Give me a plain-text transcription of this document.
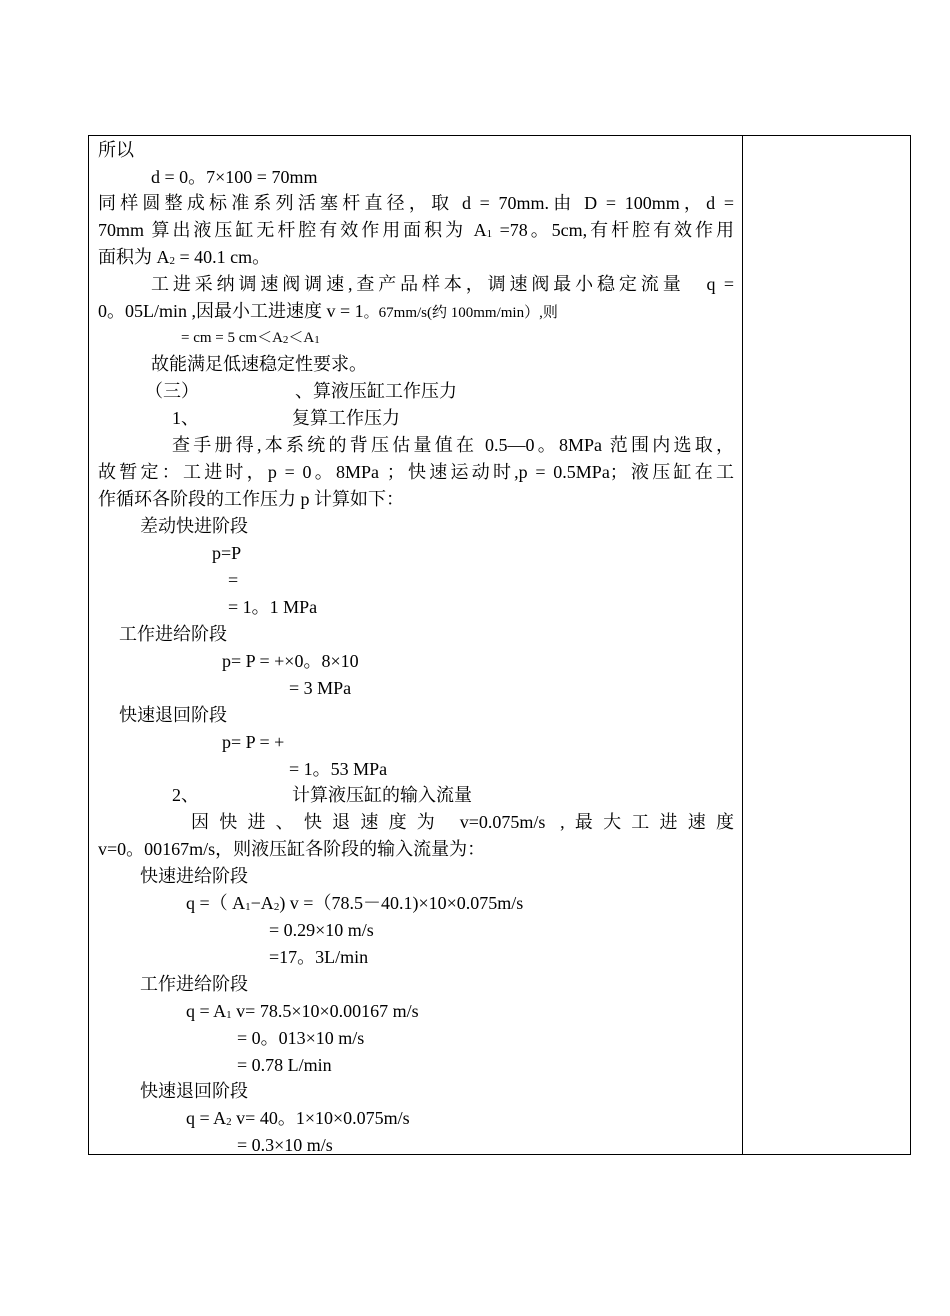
所以
d = 0。7×100 = 70mm
同样圆整成标准系列活塞杆直径，取 d = 70mm.由 D = 100mm，d =
70mm 算出液压缸无杆腔有效作用面积为 $A_1 =78$。5cm,有杆腔有效作用
面积为 $A_2 = 40.1$ cm。
工进采纳调速阀调速,查产品样本，调速阀最小稳定流量　q =
0。05L/min ,因最小工进速度 v = 1。67mm/s(约 100mm/min）,则
= cm = 5 $cm<A_2<A_1$
故能满足低速稳定性要求。
（三）	、算液压缸工作压力
1、	复算工作压力
查手册得,本系统的背压估量值在 0.5—0。8MPa 范围内选取，
故暂定：工进时，p = 0。8MPa ；快速运动时,p = 0.5MPa；液压缸在工
作循环各阶段的工作压力 p 计算如下：
差动快进阶段
p=P
=
= 1。1 MPa
工作进给阶段
p= P = +×0。8×10
= 3 MPa
快速退回阶段
p= P = +
= 1。53 MPa
2、	计算液压缸的输入流量
因快进、快退速度为 v=0.075m/s ,最大工进速度
v=0。00167m/s，则液压缸各阶段的输入流量为：
快速进给阶段
q =（ $A_1-A_2$) v =（78.5－40.1)×10×0.075m/s
= 0.29×10 m/s
=17。3L/min
工作进给阶段
$q = A_1$ v= 78.5×10×0.00167 m/s
= 0。013×10 m/s
= 0.78 L/min
快速退回阶段
$q = A_2$ v= 40。1×10×0.075m/s
= 0.3×10 m/s
